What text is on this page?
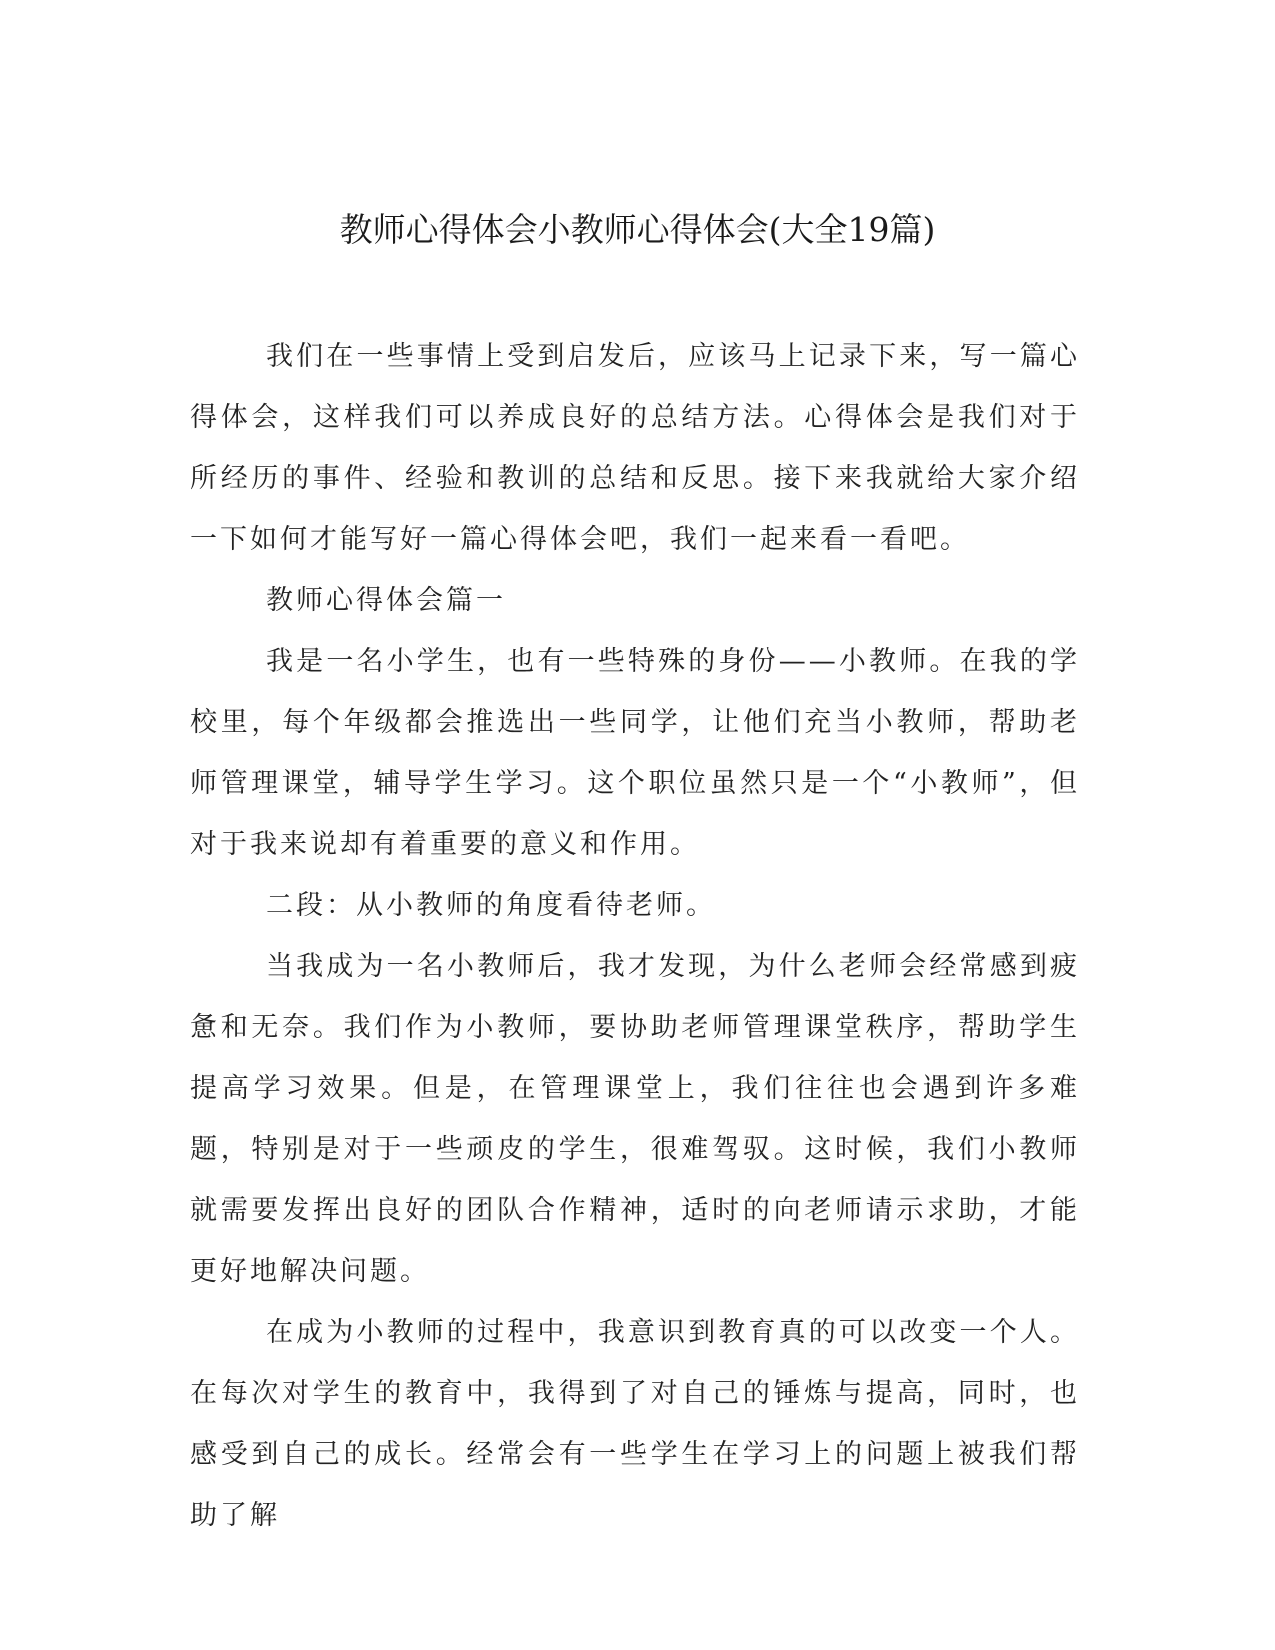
教师心得体会小教师心得体会(大全19篇)

我们在一些事情上受到启发后，应该马上记录下来，写一篇心得体会，这样我们可以养成良好的总结方法。心得体会是我们对于所经历的事件、经验和教训的总结和反思。接下来我就给大家介绍一下如何才能写好一篇心得体会吧，我们一起来看一看吧。

教师心得体会篇一

我是一名小学生，也有一些特殊的身份——小教师。在我的学校里，每个年级都会推选出一些同学，让他们充当小教师，帮助老师管理课堂，辅导学生学习。这个职位虽然只是一个“小教师”，但对于我来说却有着重要的意义和作用。

二段：从小教师的角度看待老师。

当我成为一名小教师后，我才发现，为什么老师会经常感到疲惫和无奈。我们作为小教师，要协助老师管理课堂秩序，帮助学生提高学习效果。但是，在管理课堂上，我们往往也会遇到许多难题，特别是对于一些顽皮的学生，很难驾驭。这时候，我们小教师就需要发挥出良好的团队合作精神，适时的向老师请示求助，才能更好地解决问题。

在成为小教师的过程中，我意识到教育真的可以改变一个人。在每次对学生的教育中，我得到了对自己的锤炼与提高，同时，也感受到自己的成长。经常会有一些学生在学习上的问题上被我们帮助了解
